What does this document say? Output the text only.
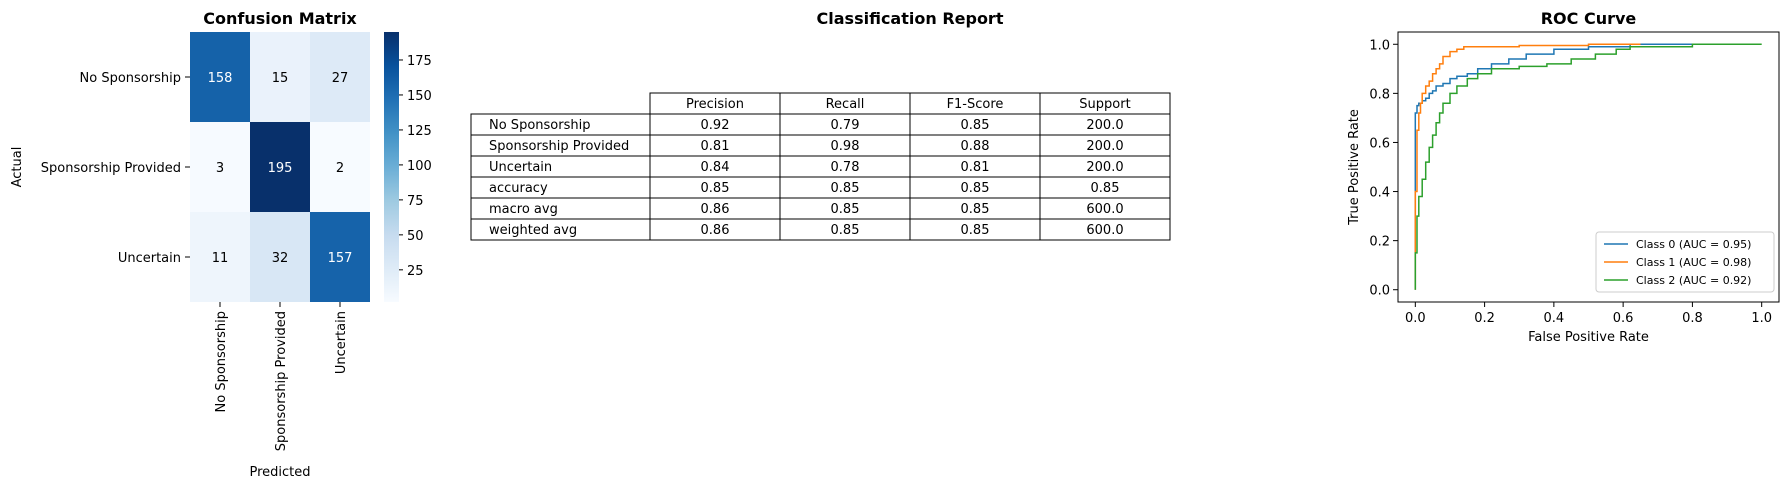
Confusion Matrix
158	15	27
3	195	2
11	32	157
No Sponsorship
Sponsorship Provided
Uncertain
No Sponsorship	Sponsorship Provided	Uncertain
Predicted
Actual
25
50
75
100
125
150
175
Classification Report
Precision	Recall	F1-Score	Support
No Sponsorship	0.92	0.79	0.85	200.0
Sponsorship Provided	0.81	0.98	0.88	200.0
Uncertain	0.84	0.78	0.81	200.0
accuracy	0.85	0.85	0.85	0.85
macro avg	0.86	0.85	0.85	600.0
weighted avg	0.86	0.85	0.85	600.0
ROC Curve
0.0	0.2	0.4	0.6	0.8	1.0
0.0
0.2
0.4
0.6
0.8
1.0
False Positive Rate
True Positive Rate
Class 0 (AUC = 0.95)
Class 1 (AUC = 0.98)
Class 2 (AUC = 0.92)
